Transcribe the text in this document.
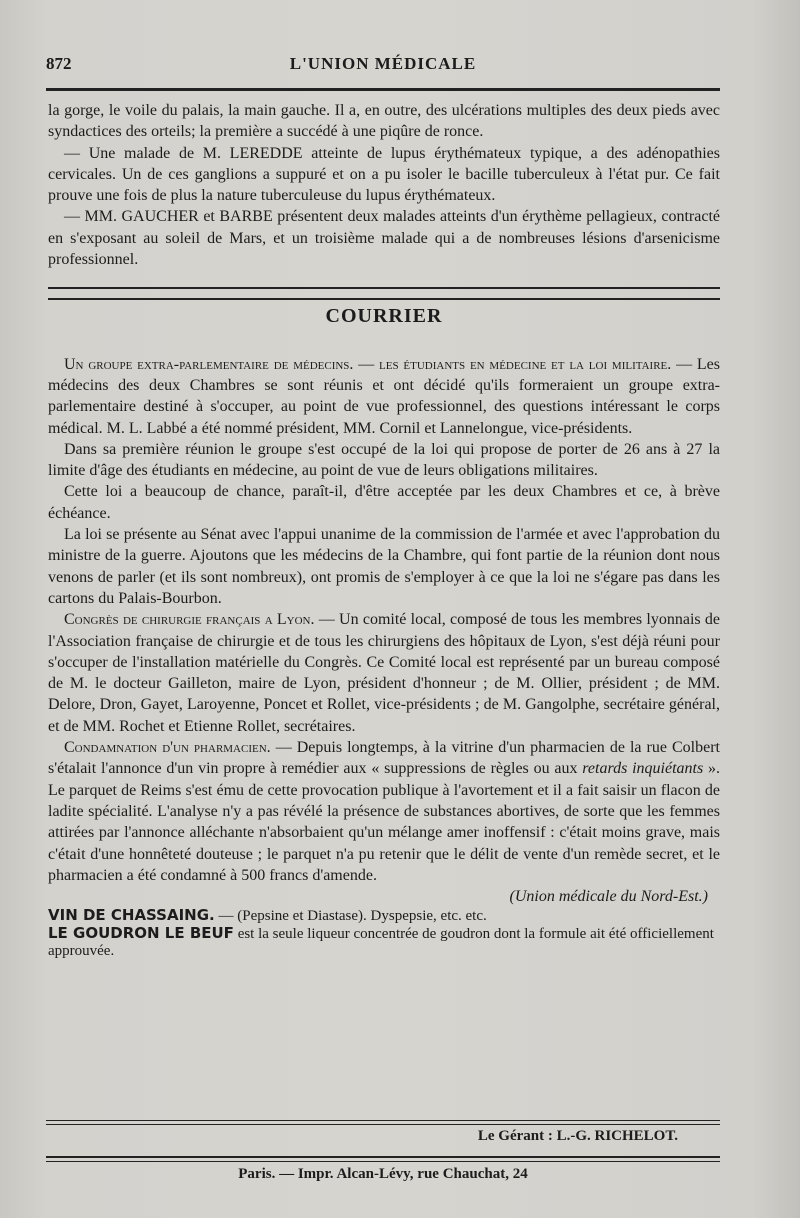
872	L'UNION MÉDICALE

la gorge, le voile du palais, la main gauche. Il a, en outre, des ulcérations multiples des deux pieds avec syndactices des orteils; la première a succédé à une piqûre de ronce.

— Une malade de M. LEREDDE atteinte de lupus érythémateux typique, a des adénopathies cervicales. Un de ces ganglions a suppuré et on a pu isoler le bacille tuberculeux à l'état pur. Ce fait prouve une fois de plus la nature tuberculeuse du lupus érythémateux.

— MM. GAUCHER et BARBE présentent deux malades atteints d'un érythème pellagieux, contracté en s'exposant au soleil de Mars, et un troisième malade qui a de nombreuses lésions d'arsenicisme professionnel.

COURRIER

Un groupe extra-parlementaire de médecins. — les étudiants en médecine et la loi militaire. — Les médecins des deux Chambres se sont réunis et ont décidé qu'ils formeraient un groupe extra-parlementaire destiné à s'occuper, au point de vue professionnel, des questions intéressant le corps médical. M. L. Labbé a été nommé président, MM. Cornil et Lannelongue, vice-présidents.

Dans sa première réunion le groupe s'est occupé de la loi qui propose de porter de 26 ans à 27 la limite d'âge des étudiants en médecine, au point de vue de leurs obligations militaires.

Cette loi a beaucoup de chance, paraît-il, d'être acceptée par les deux Chambres et ce, à brève échéance.

La loi se présente au Sénat avec l'appui unanime de la commission de l'armée et avec l'approbation du ministre de la guerre. Ajoutons que les médecins de la Chambre, qui font partie de la réunion dont nous venons de parler (et ils sont nombreux), ont promis de s'employer à ce que la loi ne s'égare pas dans les cartons du Palais-Bourbon.

Congrès de chirurgie français a Lyon. — Un comité local, composé de tous les membres lyonnais de l'Association française de chirurgie et de tous les chirurgiens des hôpitaux de Lyon, s'est déjà réuni pour s'occuper de l'installation matérielle du Congrès. Ce Comité local est représenté par un bureau composé de M. le docteur Gailleton, maire de Lyon, président d'honneur ; de M. Ollier, président ; de MM. Delore, Dron, Gayet, Laroyenne, Poncet et Rollet, vice-présidents ; de M. Gangolphe, secrétaire général, et de MM. Rochet et Etienne Rollet, secrétaires.

Condamnation d'un pharmacien. — Depuis longtemps, à la vitrine d'un pharmacien de la rue Colbert s'étalait l'annonce d'un vin propre à remédier aux « suppressions de règles ou aux retards inquiétants ». Le parquet de Reims s'est ému de cette provocation publique à l'avortement et il a fait saisir un flacon de ladite spécialité. L'analyse n'y a pas révélé la présence de substances abortives, de sorte que les femmes attirées par l'annonce alléchante n'absorbaient qu'un mélange amer inoffensif : c'était moins grave, mais c'était d'une honnêteté douteuse ; le parquet n'a pu retenir que le délit de vente d'un remède secret, et le pharmacien a été condamné à 500 francs d'amende.

(Union médicale du Nord-Est.)

VIN DE CHASSAING. — (Pepsine et Diastase). Dyspepsie, etc. etc.

LE GOUDRON LE BEUF est la seule liqueur concentrée de goudron dont la formule ait été officiellement approuvée.

Le Gérant : L.-G. RICHELOT.
Paris. — Impr. Alcan-Lévy, rue Chauchat, 24
